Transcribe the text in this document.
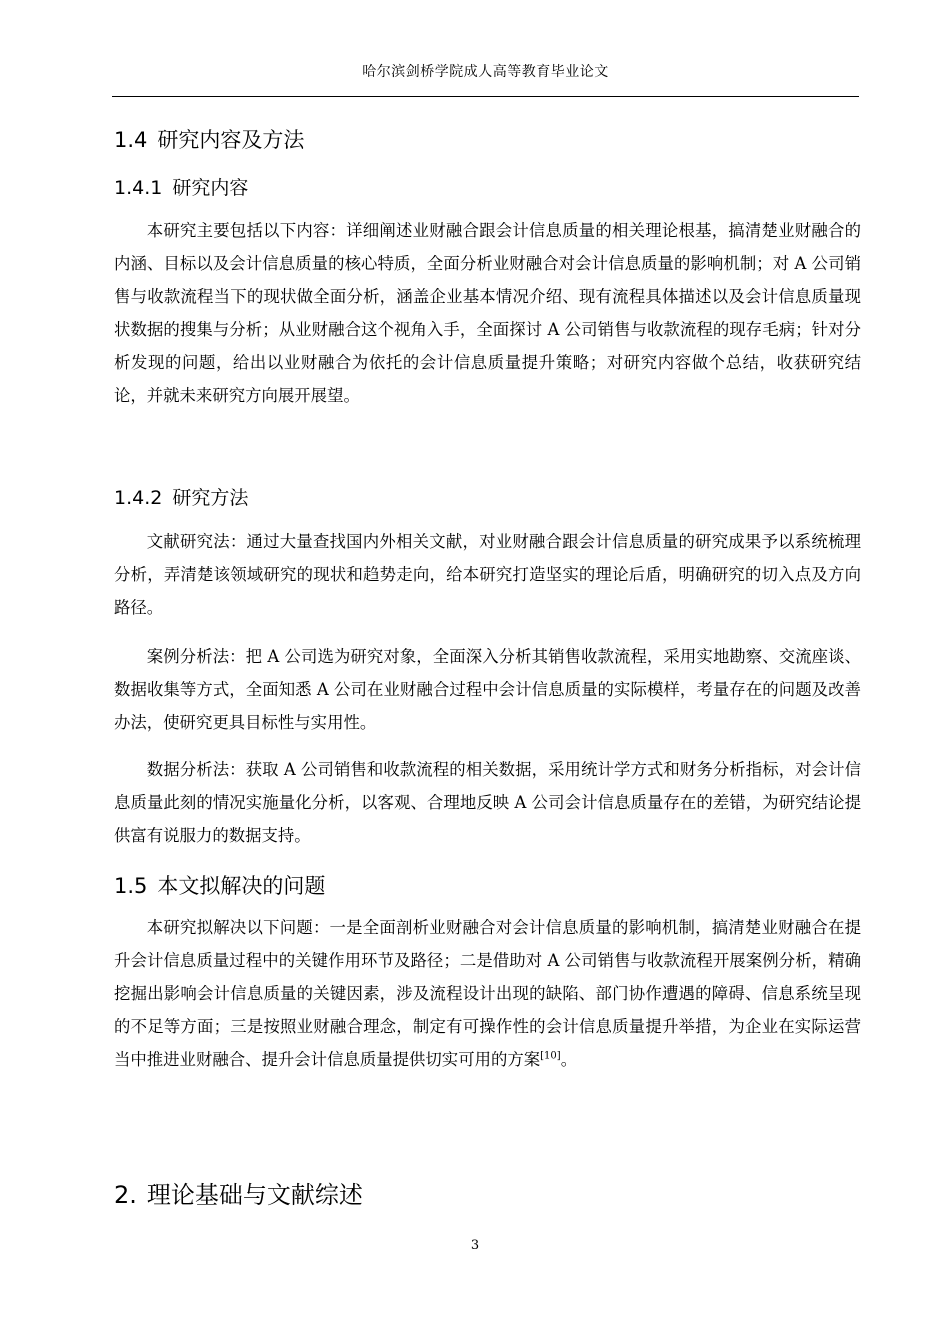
哈尔滨剑桥学院成人高等教育毕业论文
1.4 研究内容及方法
1.4.1 研究内容

本研究主要包括以下内容：详细阐述业财融合跟会计信息质量的相关理论根基，搞清楚业财融合的内涵、目标以及会计信息质量的核心特质，全面分析业财融合对会计信息质量的影响机制；对 A 公司销售与收款流程当下的现状做全面分析，涵盖企业基本情况介绍、现有流程具体描述以及会计信息质量现状数据的搜集与分析；从业财融合这个视角入手，全面探讨 A 公司销售与收款流程的现存毛病；针对分析发现的问题，给出以业财融合为依托的会计信息质量提升策略；对研究内容做个总结，收获研究结论，并就未来研究方向展开展望。

1.4.2 研究方法

文献研究法：通过大量查找国内外相关文献，对业财融合跟会计信息质量的研究成果予以系统梳理分析，弄清楚该领域研究的现状和趋势走向，给本研究打造坚实的理论后盾，明确研究的切入点及方向路径。

案例分析法：把 A 公司选为研究对象，全面深入分析其销售收款流程，采用实地勘察、交流座谈、数据收集等方式，全面知悉 A 公司在业财融合过程中会计信息质量的实际模样，考量存在的问题及改善办法，使研究更具目标性与实用性。

数据分析法：获取 A 公司销售和收款流程的相关数据，采用统计学方式和财务分析指标，对会计信息质量此刻的情况实施量化分析，以客观、合理地反映 A 公司会计信息质量存在的差错，为研究结论提供富有说服力的数据支持。

1.5 本文拟解决的问题

本研究拟解决以下问题：一是全面剖析业财融合对会计信息质量的影响机制，搞清楚业财融合在提升会计信息质量过程中的关键作用环节及路径；二是借助对 A 公司销售与收款流程开展案例分析，精确挖掘出影响会计信息质量的关键因素，涉及流程设计出现的缺陷、部门协作遭遇的障碍、信息系统呈现的不足等方面；三是按照业财融合理念，制定有可操作性的会计信息质量提升举措，为企业在实际运营当中推进业财融合、提升会计信息质量提供切实可用的方案[10]。

2. 理论基础与文献综述
3
